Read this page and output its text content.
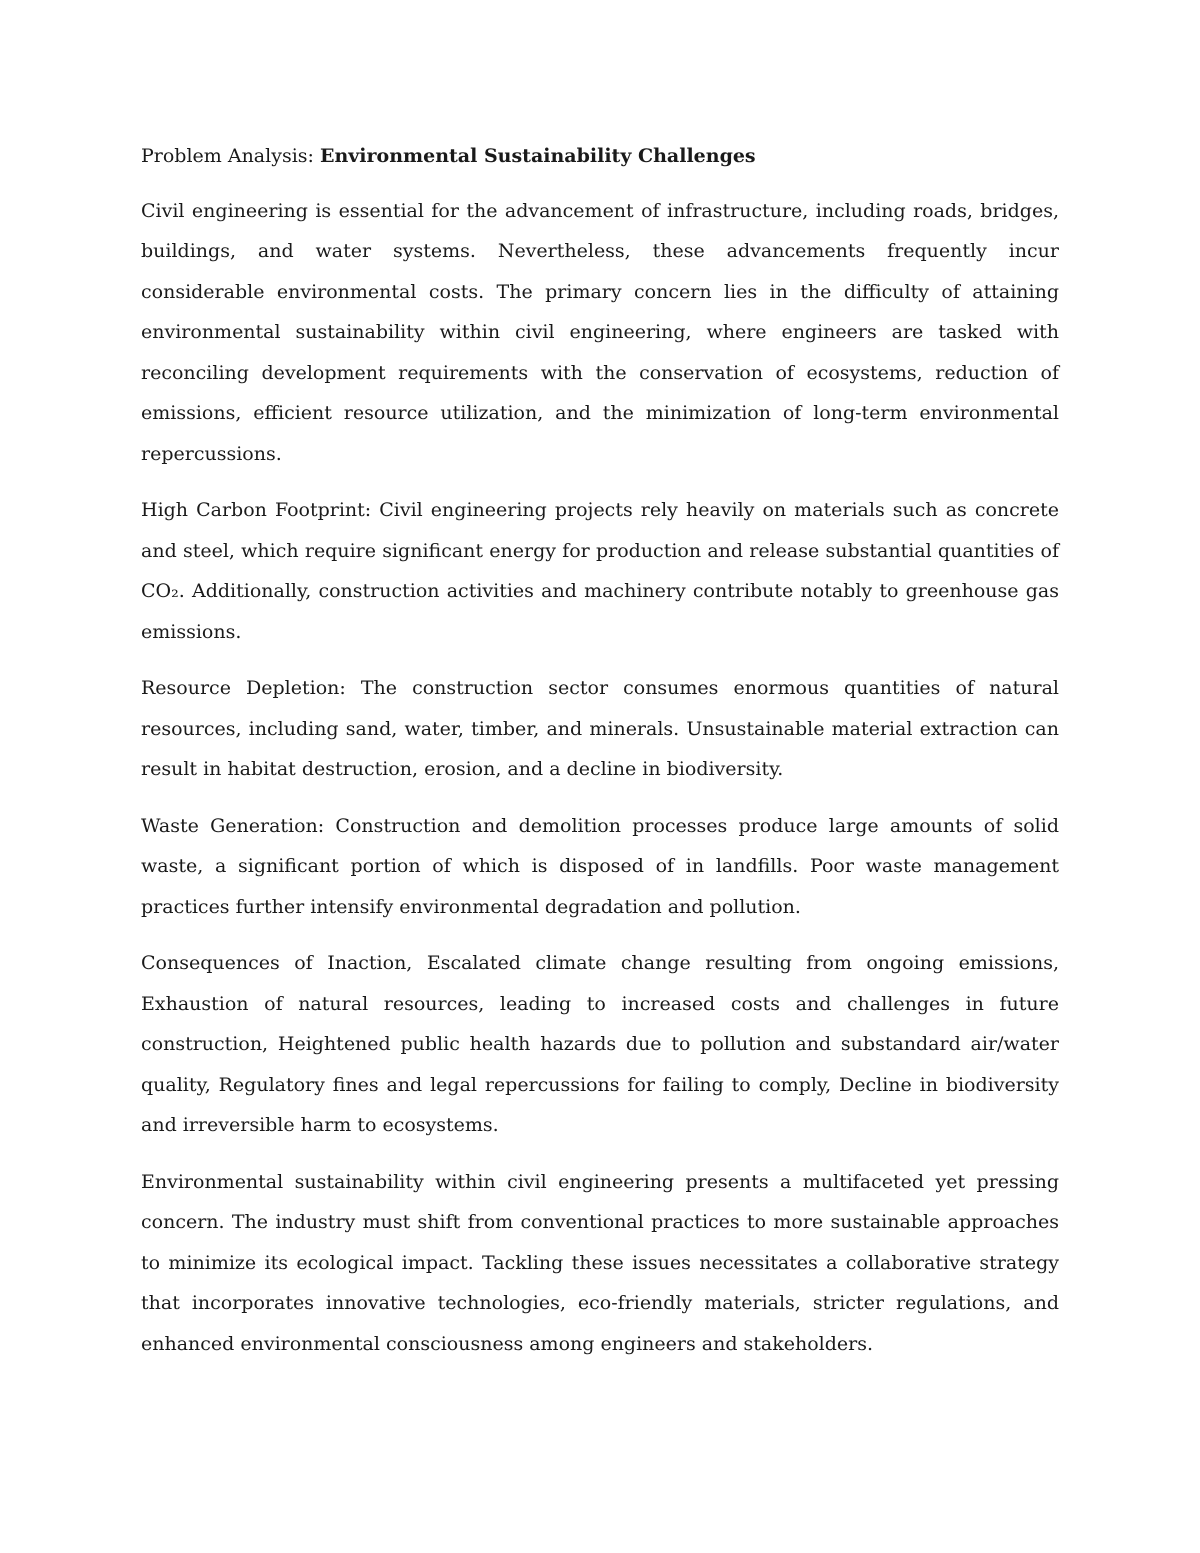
Problem Analysis: Environmental Sustainability Challenges

Civil engineering is essential for the advancement of infrastructure, including roads, bridges, buildings, and water systems. Nevertheless, these advancements frequently incur considerable environmental costs. The primary concern lies in the difficulty of attaining environmental sustainability within civil engineering, where engineers are tasked with reconciling development requirements with the conservation of ecosystems, reduction of emissions, efficient resource utilization, and the minimization of long-term environmental repercussions.

High Carbon Footprint: Civil engineering projects rely heavily on materials such as concrete and steel, which require significant energy for production and release substantial quantities of CO₂. Additionally, construction activities and machinery contribute notably to greenhouse gas emissions.

Resource Depletion: The construction sector consumes enormous quantities of natural resources, including sand, water, timber, and minerals. Unsustainable material extraction can result in habitat destruction, erosion, and a decline in biodiversity.

Waste Generation: Construction and demolition processes produce large amounts of solid waste, a significant portion of which is disposed of in landfills. Poor waste management practices further intensify environmental degradation and pollution.

Consequences of Inaction, Escalated climate change resulting from ongoing emissions, Exhaustion of natural resources, leading to increased costs and challenges in future construction, Heightened public health hazards due to pollution and substandard air/water quality, Regulatory fines and legal repercussions for failing to comply, Decline in biodiversity and irreversible harm to ecosystems.

Environmental sustainability within civil engineering presents a multifaceted yet pressing concern. The industry must shift from conventional practices to more sustainable approaches to minimize its ecological impact. Tackling these issues necessitates a collaborative strategy that incorporates innovative technologies, eco-friendly materials, stricter regulations, and enhanced environmental consciousness among engineers and stakeholders.
